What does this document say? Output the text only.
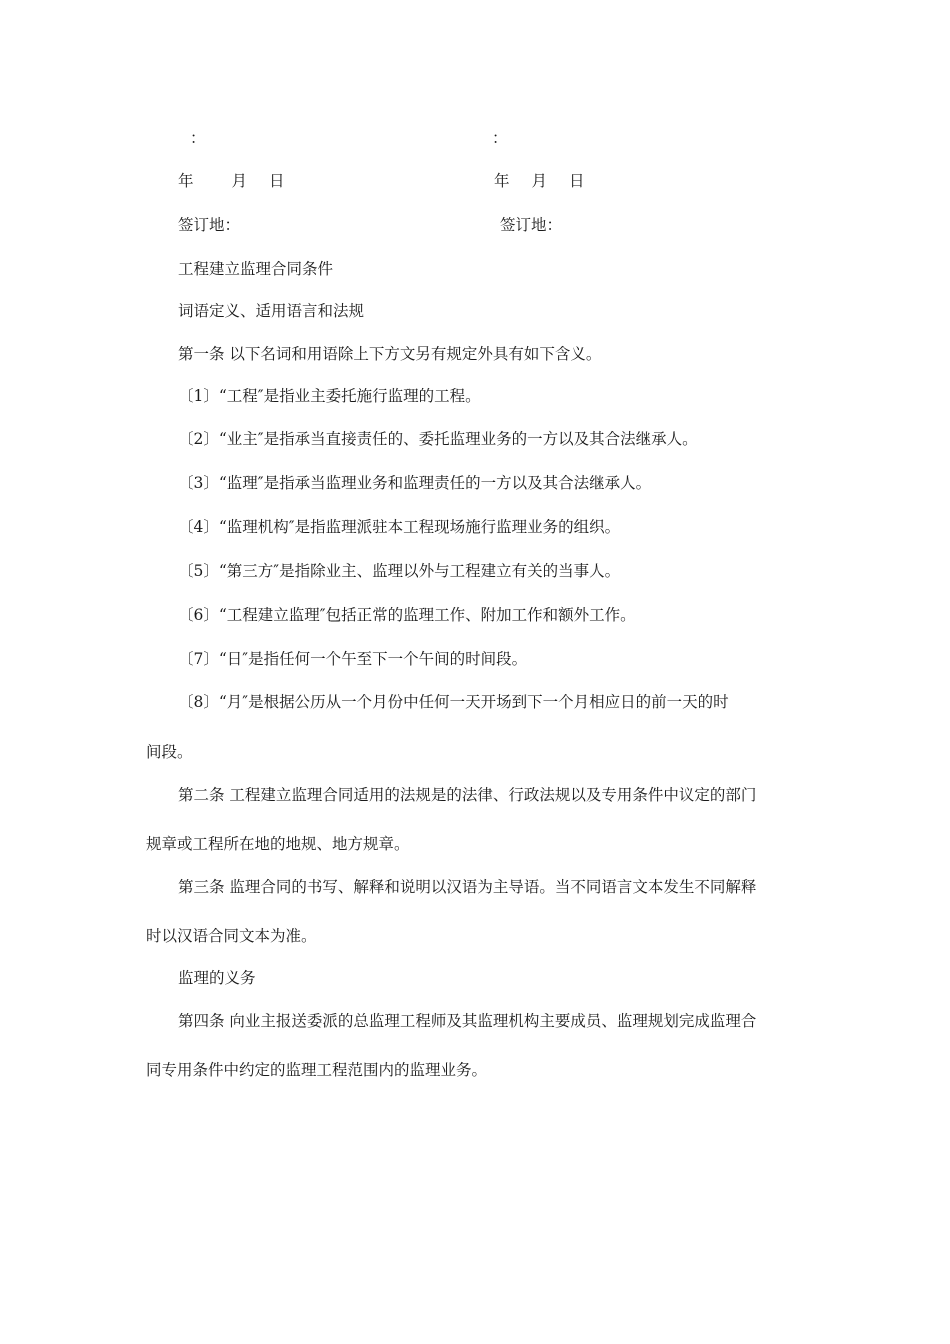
：	：
年 月 日	年 月 日
签订地：	签订地：
工程建立监理合同条件
词语定义、适用语言和法规
第一条 以下名词和用语除上下方文另有规定外具有如下含义。
〔1〕“工程″是指业主委托施行监理的工程。
〔2〕“业主″是指承当直接责任的、委托监理业务的一方以及其合法继承人。
〔3〕“监理″是指承当监理业务和监理责任的一方以及其合法继承人。
〔4〕“监理机构″是指监理派驻本工程现场施行监理业务的组织。
〔5〕“第三方″是指除业主、监理以外与工程建立有关的当事人。
〔6〕“工程建立监理″包括正常的监理工作、附加工作和额外工作。
〔7〕“日″是指任何一个午至下一个午间的时间段。
〔8〕“月″是根据公历从一个月份中任何一天开场到下一个月相应日的前一天的时
间段。
第二条 工程建立监理合同适用的法规是的法律、行政法规以及专用条件中议定的部门
规章或工程所在地的地规、地方规章。
第三条 监理合同的书写、解释和说明以汉语为主导语。当不同语言文本发生不同解释
时以汉语合同文本为准。
监理的义务
第四条 向业主报送委派的总监理工程师及其监理机构主要成员、监理规划完成监理合
同专用条件中约定的监理工程范围内的监理业务。
